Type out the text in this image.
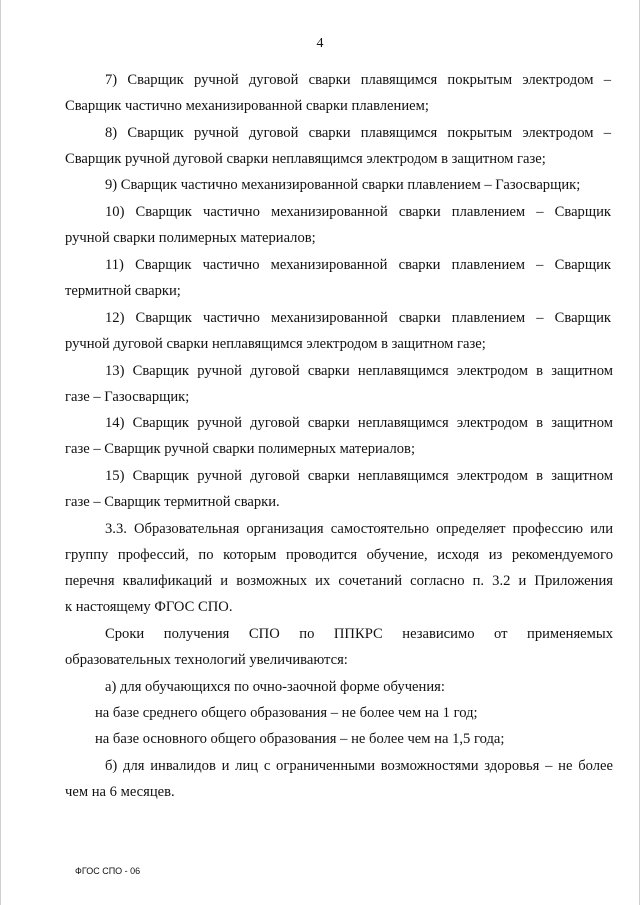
4
7) Сварщик ручной дуговой сварки плавящимся покрытым электродом –
Сварщик частично механизированной сварки плавлением;
8) Сварщик ручной дуговой сварки плавящимся покрытым электродом –
Сварщик ручной дуговой сварки неплавящимся электродом в защитном газе;
9) Сварщик частично механизированной сварки плавлением – Газосварщик;
10) Сварщик частично механизированной сварки плавлением – Сварщик
ручной сварки полимерных материалов;
11) Сварщик частично механизированной сварки плавлением – Сварщик
термитной сварки;
12) Сварщик частично механизированной сварки плавлением – Сварщик
ручной дуговой сварки неплавящимся электродом в защитном газе;
13) Сварщик ручной дуговой сварки неплавящимся электродом в защитном
газе – Газосварщик;
14) Сварщик ручной дуговой сварки неплавящимся электродом в защитном
газе – Сварщик ручной сварки полимерных материалов;
15) Сварщик ручной дуговой сварки неплавящимся электродом в защитном
газе – Сварщик термитной сварки.
3.3. Образовательная организация самостоятельно определяет профессию или
группу профессий, по которым проводится обучение, исходя из рекомендуемого
перечня квалификаций и возможных их сочетаний согласно п. 3.2 и Приложения
к настоящему ФГОС СПО.
Сроки получения СПО по ППКРС независимо от применяемых
образовательных технологий увеличиваются:
а) для обучающихся по очно-заочной форме обучения:
на базе среднего общего образования – не более чем на 1 год;
на базе основного общего образования – не более чем на 1,5 года;
б) для инвалидов и лиц с ограниченными возможностями здоровья – не более
чем на 6 месяцев.
ФГОС СПО - 06
